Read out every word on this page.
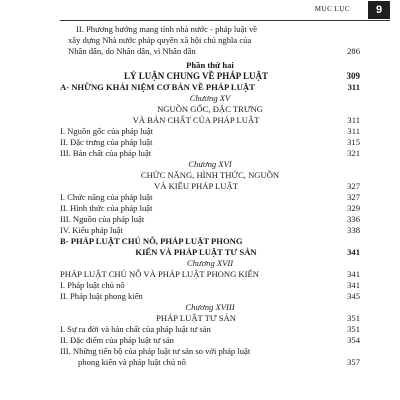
MỤC LỤC	9
II. Phương hướng mang tính nhà nước - pháp luật về
xây dựng Nhà nước pháp quyền xã hội chủ nghĩa của
Nhân dân, do Nhân dân, vì Nhân dân	286
Phần thứ hai
LÝ LUẬN CHUNG VỀ PHÁP LUẬT	309
A- NHỮNG KHÁI NIỆM CƠ BẢN VỀ PHÁP LUẬT	311
Chương XV
NGUỒN GỐC, ĐẶC TRƯNG
VÀ BẢN CHẤT CỦA PHÁP LUẬT	311
I. Nguồn gốc của pháp luật	311
II. Đặc trưng của pháp luật	315
III. Bản chất của pháp luật	321
Chương XVI
CHỨC NĂNG, HÌNH THỨC, NGUỒN
VÀ KIỂU PHÁP LUẬT	327
I. Chức năng của pháp luật	327
II. Hình thức của pháp luật	329
III. Nguồn của pháp luật	336
IV. Kiểu pháp luật	338
B- PHÁP LUẬT CHỦ NÔ, PHÁP LUẬT PHONG
KIẾN VÀ PHÁP LUẬT TƯ SẢN	341
Chương XVII
PHÁP LUẬT CHỦ NÔ VÀ PHÁP LUẬT PHONG KIẾN	341
I. Pháp luật chủ nô	341
II. Pháp luật phong kiến	345
Chương XVIII
PHÁP LUẬT TƯ SẢN	351
I. Sự ra đời và bản chất của pháp luật tư sản	351
II. Đặc điểm của pháp luật tư sản	354
III. Những tiến bộ của pháp luật tư sản so với pháp luật
phong kiến và pháp luật chủ nô	357
